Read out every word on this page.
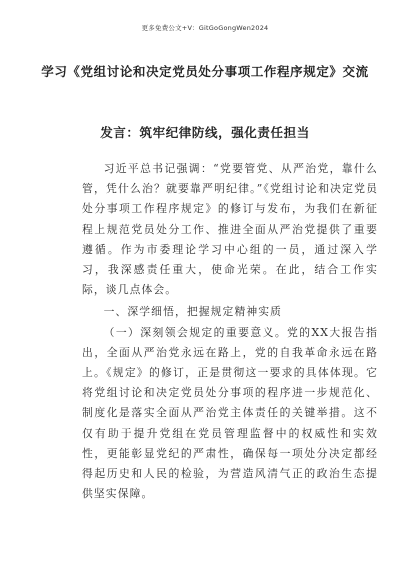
更多免费公文+V：GitGoGongWen2024
学习《党组讨论和决定党员处分事项工作程序规定》交流
发言：筑牢纪律防线，强化责任担当

习近平总书记强调：“党要管党、从严治党，靠什么管，凭什么治？就要靠严明纪律。”《党组讨论和决定党员处分事项工作程序规定》的修订与发布，为我们在新征程上规范党员处分工作、推进全面从严治党提供了重要遵循。作为市委理论学习中心组的一员，通过深入学习，我深感责任重大，使命光荣。在此，结合工作实际，谈几点体会。

一、深学细悟，把握规定精神实质

（一）深刻领会规定的重要意义。党的XX大报告指出，全面从严治党永远在路上，党的自我革命永远在路上。《规定》的修订，正是贯彻这一要求的具体体现。它将党组讨论和决定党员处分事项的程序进一步规范化、制度化是落实全面从严治党主体责任的关键举措。这不仅有助于提升党组在党员管理监督中的权威性和实效性，更能彰显党纪的严肃性，确保每一项处分决定都经得起历史和人民的检验，为营造风清气正的政治生态提供坚实保障。
